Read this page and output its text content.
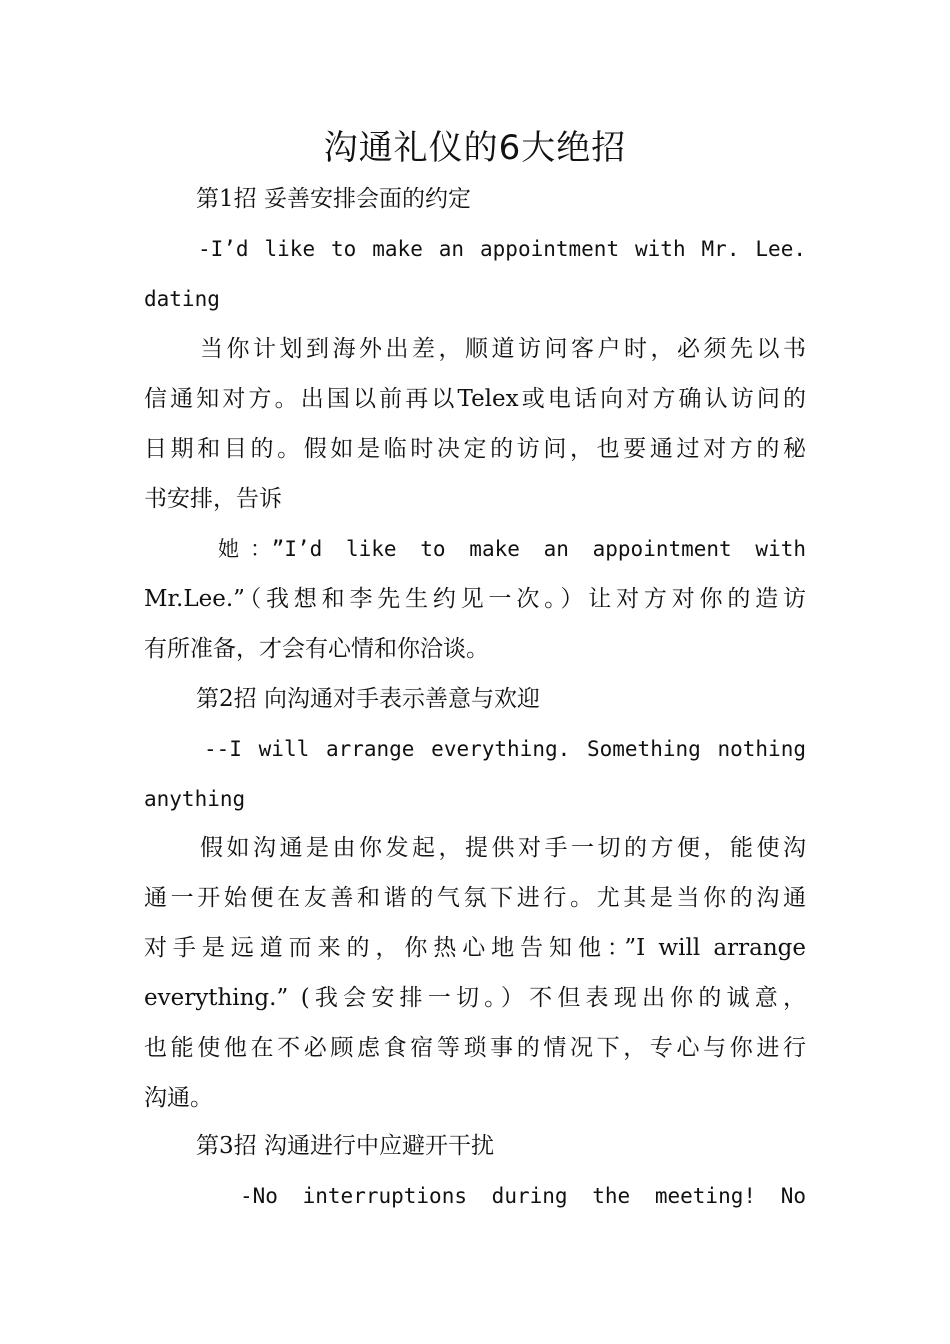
沟通礼仪的6大绝招
第1招 妥善安排会面的约定
-I’d like to make an appointment with Mr. Lee.
dating
当你计划到海外出差，顺道访问客户时，必须先以书
信通知对方。出国以前再以Telex或电话向对方确认访问的
日期和目的。假如是临时决定的访问，也要通过对方的秘
书安排，告诉
她：”I’d like to make an appointment with
Mr.Lee.”（我想和李先生约见一次。）让对方对你的造访
有所准备，才会有心情和你洽谈。
第2招 向沟通对手表示善意与欢迎
--I will arrange everything. Something nothing
anything
假如沟通是由你发起，提供对手一切的方便，能使沟
通一开始便在友善和谐的气氛下进行。尤其是当你的沟通
对手是远道而来的，你热心地告知他：”I will arrange
everything.” (我会安排一切。）不但表现出你的诚意，
也能使他在不必顾虑食宿等琐事的情况下，专心与你进行
沟通。
第3招 沟通进行中应避开干扰
-No interruptions during the meeting! No
